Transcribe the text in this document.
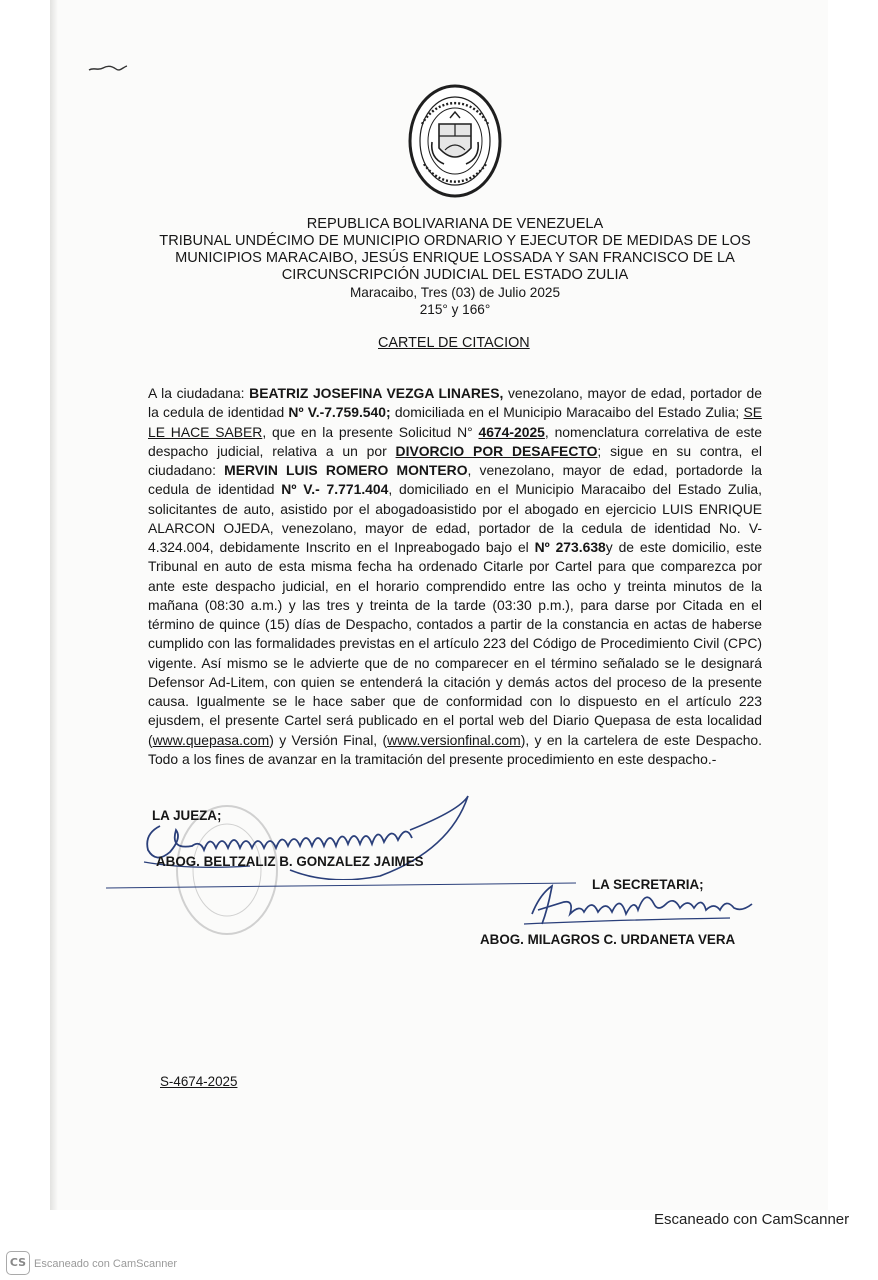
REPUBLICA BOLIVARIANA DE VENEZUELA
TRIBUNAL UNDÉCIMO DE MUNICIPIO ORDNARIO Y EJECUTOR DE MEDIDAS DE LOS
MUNICIPIOS MARACAIBO, JESÚS ENRIQUE LOSSADA Y SAN FRANCISCO DE LA
CIRCUNSCRIPCIÓN JUDICIAL DEL ESTADO ZULIA
Maracaibo, Tres (03) de Julio 2025
215° y 166°
CARTEL DE CITACION

A la ciudadana: BEATRIZ JOSEFINA VEZGA LINARES, venezolano, mayor de edad, portador de la cedula de identidad Nº V.-7.759.540; domiciliada en el Municipio Maracaibo del Estado Zulia; SE LE HACE SABER, que en la presente Solicitud N° 4674-2025, nomenclatura correlativa de este despacho judicial, relativa a un por DIVORCIO POR DESAFECTO; sigue en su contra, el ciudadano: MERVIN LUIS ROMERO MONTERO, venezolano, mayor de edad, portadorde la cedula de identidad Nº V.- 7.771.404, domiciliado en el Municipio Maracaibo del Estado Zulia, solicitantes de auto, asistido por el abogadoasistido por el abogado en ejercicio LUIS ENRIQUE ALARCON OJEDA, venezolano, mayor de edad, portador de la cedula de identidad No. V- 4.324.004, debidamente Inscrito en el Inpreabogado bajo el Nº 273.638y de este domicilio, este Tribunal en auto de esta misma fecha ha ordenado Citarle por Cartel para que comparezca por ante este despacho judicial, en el horario comprendido entre las ocho y treinta minutos de la mañana (08:30 a.m.) y las tres y treinta de la tarde (03:30 p.m.), para darse por Citada en el término de quince (15) días de Despacho, contados a partir de la constancia en actas de haberse cumplido con las formalidades previstas en el artículo 223 del Código de Procedimiento Civil (CPC) vigente. Así mismo se le advierte que de no comparecer en el término señalado se le designará Defensor Ad-Litem, con quien se entenderá la citación y demás actos del proceso de la presente causa. Igualmente se le hace saber que de conformidad con lo dispuesto en el artículo 223 ejusdem, el presente Cartel será publicado en el portal web del Diario Quepasa de esta localidad (www.quepasa.com) y Versión Final, (www.versionfinal.com), y en la cartelera de este Despacho. Todo a los fines de avanzar en la tramitación del presente procedimiento en este despacho.-

LA JUEZA;
ABOG. BELTZALIZ B. GONZALEZ JAIMES
LA SECRETARIA;
ABOG. MILAGROS C. URDANETA VERA
S-4674-2025
Escaneado con CamScanner
CS Escaneado con CamScanner
